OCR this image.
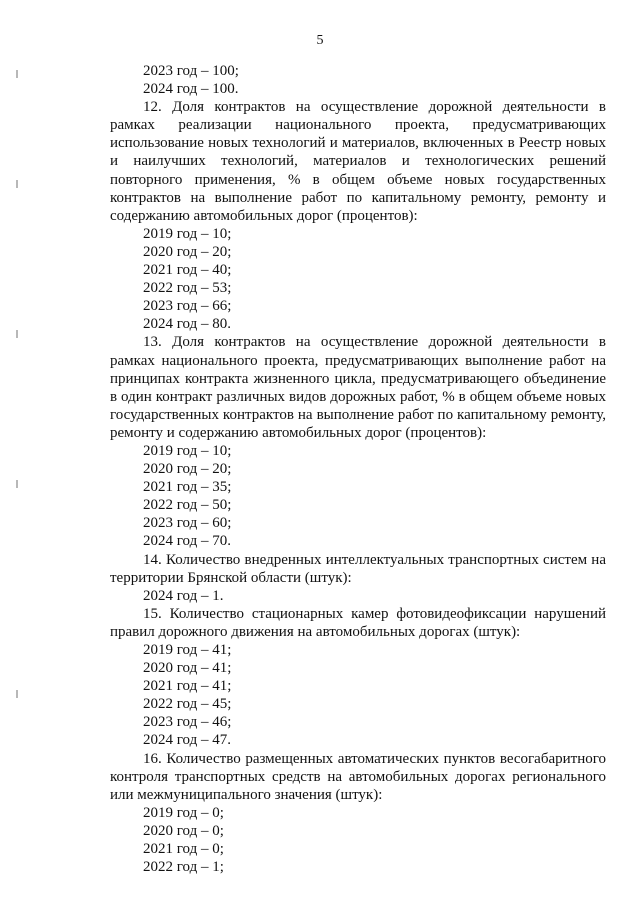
5
2023 год – 100;
2024 год – 100.
12. Доля контрактов на осуществление дорожной деятельности в рамках реализации национального проекта, предусматривающих использование новых технологий и материалов, включенных в Реестр новых и наилучших технологий, материалов и технологических решений повторного применения, % в общем объеме новых государственных контрактов на выполнение работ по капитальному ремонту, ремонту и содержанию автомобильных дорог (процентов):
2019 год – 10;
2020 год – 20;
2021 год – 40;
2022 год – 53;
2023 год – 66;
2024 год – 80.
13. Доля контрактов на осуществление дорожной деятельности в рамках национального проекта, предусматривающих выполнение работ на принципах контракта жизненного цикла, предусматривающего объединение в один контракт различных видов дорожных работ, % в общем объеме новых государственных контрактов на выполнение работ по капитальному ремонту, ремонту и содержанию автомобильных дорог (процентов):
2019 год – 10;
2020 год – 20;
2021 год – 35;
2022 год – 50;
2023 год – 60;
2024 год – 70.
14. Количество внедренных интеллектуальных транспортных систем на территории Брянской области (штук):
2024 год – 1.
15. Количество стационарных камер фотовидеофиксации нарушений правил дорожного движения на автомобильных дорогах (штук):
2019 год – 41;
2020 год – 41;
2021 год – 41;
2022 год – 45;
2023 год – 46;
2024 год – 47.
16. Количество размещенных автоматических пунктов весогабаритного контроля транспортных средств на автомобильных дорогах регионального или межмуниципального значения (штук):
2019 год – 0;
2020 год – 0;
2021 год – 0;
2022 год – 1;
